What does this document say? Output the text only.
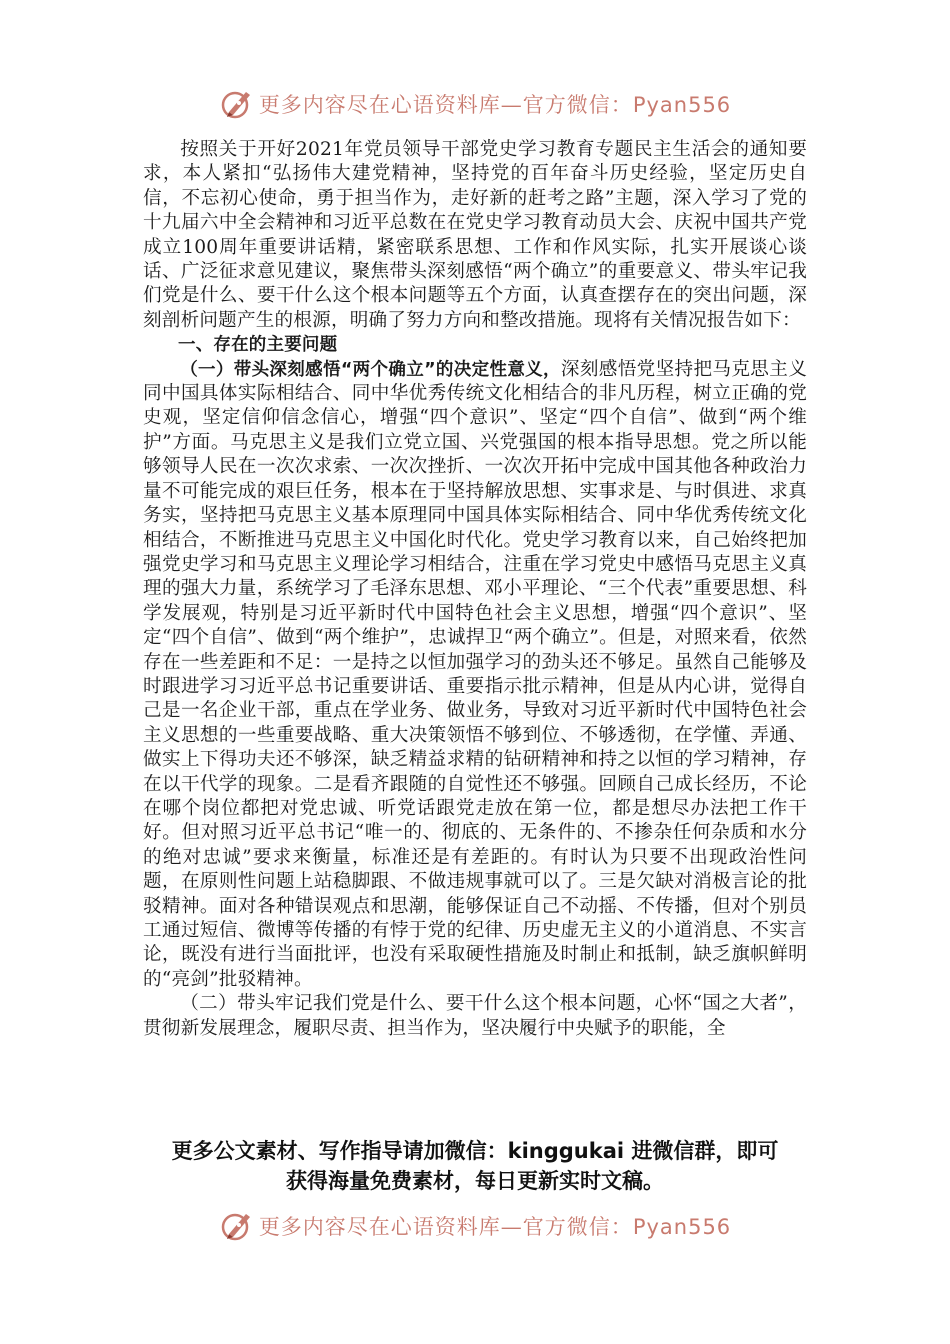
更多内容尽在心语资料库—官方微信：Pyan556

按照关于开好2021年党员领导干部党史学习教育专题民主生活会的通知要求，本人紧扣“弘扬伟大建党精神，坚持党的百年奋斗历史经验，坚定历史自信，不忘初心使命，勇于担当作为，走好新的赶考之路”主题，深入学习了党的十九届六中全会精神和习近平总数在在党史学习教育动员大会、庆祝中国共产党成立100周年重要讲话精，紧密联系思想、工作和作风实际，扎实开展谈心谈话、广泛征求意见建议，聚焦带头深刻感悟“两个确立”的重要意义、带头牢记我们党是什么、要干什么这个根本问题等五个方面，认真查摆存在的突出问题，深刻剖析问题产生的根源，明确了努力方向和整改措施。现将有关情况报告如下：

一、存在的主要问题

（一）带头深刻感悟“两个确立”的决定性意义，深刻感悟党坚持把马克思主义同中国具体实际相结合、同中华优秀传统文化相结合的非凡历程，树立正确的党史观，坚定信仰信念信心，增强“四个意识”、坚定“四个自信”、做到“两个维护”方面。马克思主义是我们立党立国、兴党强国的根本指导思想。党之所以能够领导人民在一次次求索、一次次挫折、一次次开拓中完成中国其他各种政治力量不可能完成的艰巨任务，根本在于坚持解放思想、实事求是、与时俱进、求真务实，坚持把马克思主义基本原理同中国具体实际相结合、同中华优秀传统文化相结合，不断推进马克思主义中国化时代化。党史学习教育以来，自己始终把加强党史学习和马克思主义理论学习相结合，注重在学习党史中感悟马克思主义真理的强大力量，系统学习了毛泽东思想、邓小平理论、“三个代表”重要思想、科学发展观，特别是习近平新时代中国特色社会主义思想，增强“四个意识”、坚定“四个自信”、做到“两个维护”，忠诚捍卫“两个确立”。但是，对照来看，依然存在一些差距和不足：一是持之以恒加强学习的劲头还不够足。虽然自己能够及时跟进学习习近平总书记重要讲话、重要指示批示精神，但是从内心讲，觉得自己是一名企业干部，重点在学业务、做业务，导致对习近平新时代中国特色社会主义思想的一些重要战略、重大决策领悟不够到位、不够透彻，在学懂、弄通、做实上下得功夫还不够深，缺乏精益求精的钻研精神和持之以恒的学习精神，存在以干代学的现象。二是看齐跟随的自觉性还不够强。回顾自己成长经历，不论在哪个岗位都把对党忠诚、听党话跟党走放在第一位，都是想尽办法把工作干好。但对照习近平总书记“唯一的、彻底的、无条件的、不掺杂任何杂质和水分的绝对忠诚”要求来衡量，标准还是有差距的。有时认为只要不出现政治性问题，在原则性问题上站稳脚跟、不做违规事就可以了。三是欠缺对消极言论的批驳精神。面对各种错误观点和思潮，能够保证自己不动摇、不传播，但对个别员工通过短信、微博等传播的有悖于党的纪律、历史虚无主义的小道消息、不实言论，既没有进行当面批评，也没有采取硬性措施及时制止和抵制，缺乏旗帜鲜明的“亮剑”批驳精神。

（二）带头牢记我们党是什么、要干什么这个根本问题，心怀“国之大者”，贯彻新发展理念，履职尽责、担当作为，坚决履行中央赋予的职能，全

更多公文素材、写作指导请加微信：kinggukai 进微信群，即可
获得海量免费素材，每日更新实时文稿。
更多内容尽在心语资料库—官方微信：Pyan556
